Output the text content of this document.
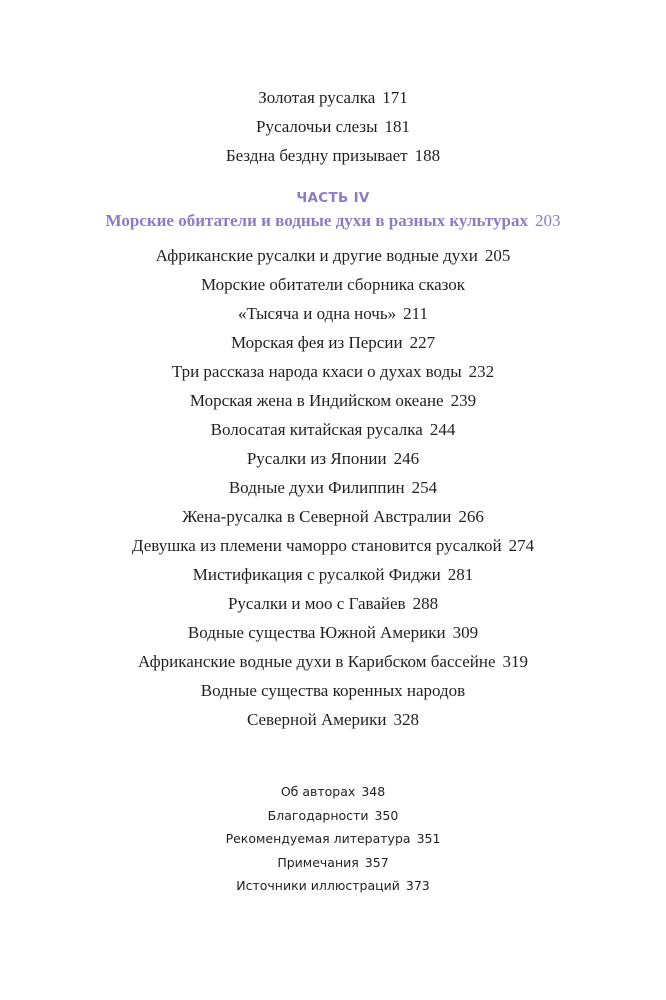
Золотая русалка 171
Русалочьи слезы 181
Бездна бездну призывает 188
ЧАСТЬ IV
Морские обитатели и водные духи в разных культурах 203
Африканские русалки и другие водные духи 205
Морские обитатели сборника сказок
«Тысяча и одна ночь» 211
Морская фея из Персии 227
Три рассказа народа кхаси о духах воды 232
Морская жена в Индийском океане 239
Волосатая китайская русалка 244
Русалки из Японии 246
Водные духи Филиппин 254
Жена-русалка в Северной Австралии 266
Девушка из племени чаморро становится русалкой 274
Мистификация с русалкой Фиджи 281
Русалки и моо с Гавайев 288
Водные существа Южной Америки 309
Африканские водные духи в Карибском бассейне 319
Водные существа коренных народов
Северной Америки 328
Об авторах 348
Благодарности 350
Рекомендуемая литература 351
Примечания 357
Источники иллюстраций 373
